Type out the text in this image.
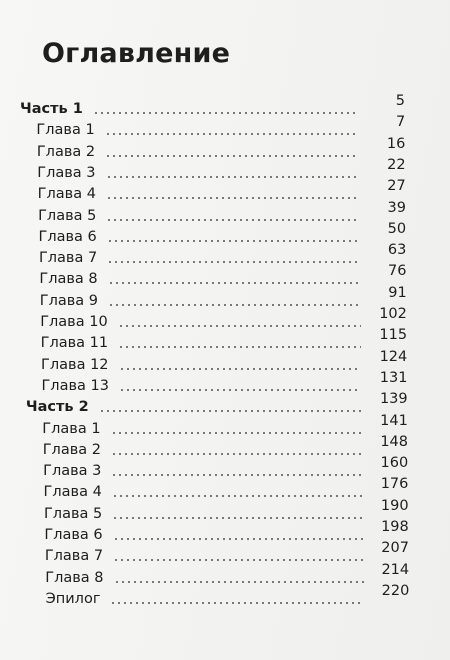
Оглавление
Часть 1	5
Глава 1	7
Глава 2	16
Глава 3	22
Глава 4	27
Глава 5	39
Глава 6	50
Глава 7	63
Глава 8	76
Глава 9	91
Глава 10	102
Глава 11	115
Глава 12	124
Глава 13	131
Часть 2	139
Глава 1	141
Глава 2	148
Глава 3	160
Глава 4	176
Глава 5	190
Глава 6	198
Глава 7	207
Глава 8	214
Эпилог	220
